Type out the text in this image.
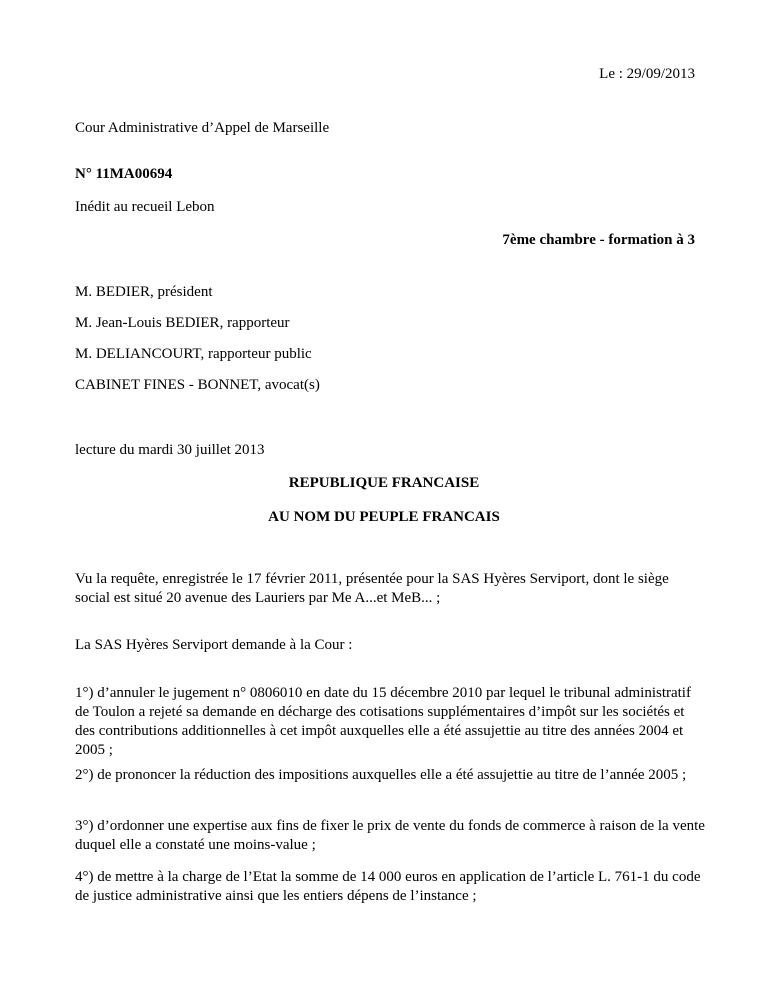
Le : 29/09/2013

Cour Administrative d’Appel de Marseille

N° 11MA00694

Inédit au recueil Lebon

7ème chambre - formation à 3

M. BEDIER, président

M. Jean-Louis BEDIER, rapporteur

M. DELIANCOURT, rapporteur public

CABINET FINES - BONNET, avocat(s)

lecture du mardi 30 juillet 2013

REPUBLIQUE FRANCAISE

AU NOM DU PEUPLE FRANCAIS

Vu la requête, enregistrée le 17 février 2011, présentée pour la SAS Hyères Serviport, dont le siège social est situé 20 avenue des Lauriers par Me A...et MeB... ;

La SAS Hyères Serviport demande à la Cour :

1°) d’annuler le jugement n° 0806010 en date du 15 décembre 2010 par lequel le tribunal administratif de Toulon a rejeté sa demande en décharge des cotisations supplémentaires d’impôt sur les sociétés et des contributions additionnelles à cet impôt auxquelles elle a été assujettie au titre des années 2004 et 2005 ;

2°) de prononcer la réduction des impositions auxquelles elle a été assujettie au titre de l’année 2005 ;

3°) d’ordonner une expertise aux fins de fixer le prix de vente du fonds de commerce à raison de la vente duquel elle a constaté une moins-value ;

4°) de mettre à la charge de l’Etat la somme de 14 000 euros en application de l’article L. 761-1 du code de justice administrative ainsi que les entiers dépens de l’instance ;
